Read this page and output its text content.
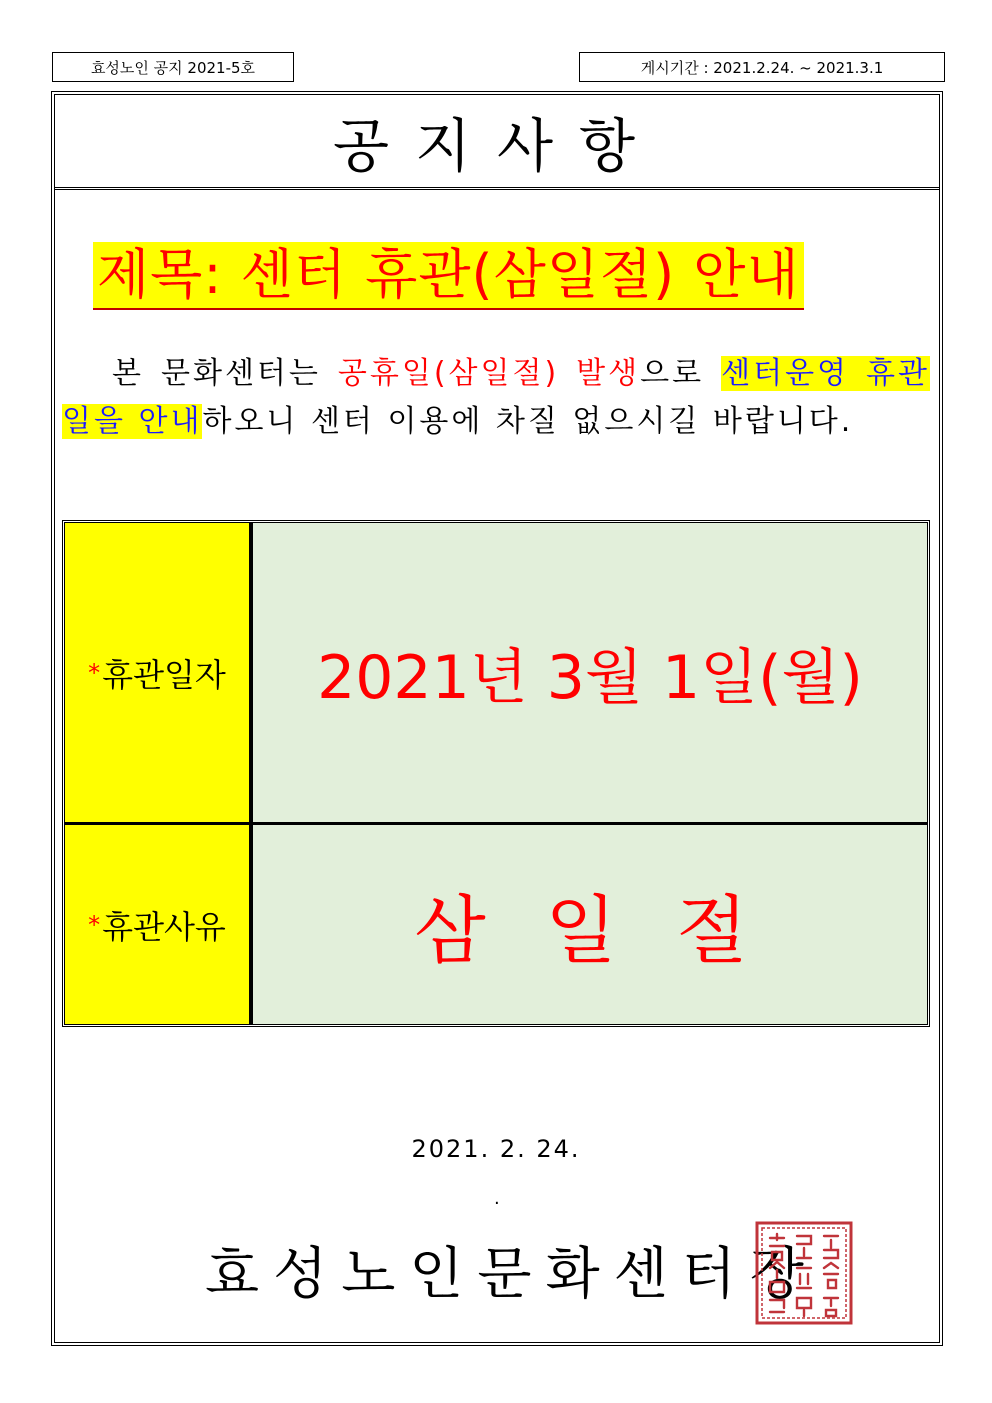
효성노인 공지 2021-5호	게시기간 : 2021.2.24. ~ 2021.3.1
공지사항
제목: 센터 휴관(삼일절) 안내
본 문화센터는 공휴일(삼일절) 발생으로 센터운영 휴관일을 안내하오니 센터 이용에 차질 없으시길 바랍니다.
* 휴관일자 2021년 3월 1일(월)
* 휴관사유	삼 일 절
2021. 2. 24.
.
효성노인문화센터장
